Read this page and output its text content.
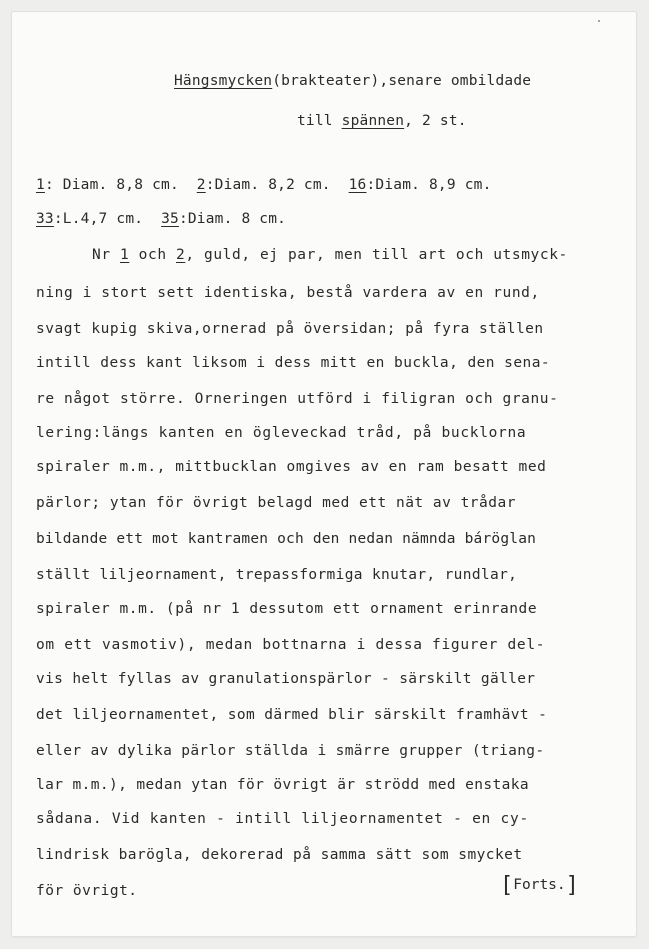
Hängsmycken(brakteater),senare ombildade
till spännen, 2 st.
1: Diam. 8,8 cm. 2:Diam. 8,2 cm. 16:Diam. 8,9 cm.
33:L.4,7 cm. 35:Diam. 8 cm.
Nr 1 och 2, guld, ej par, men till art och utsmyck-
ning i stort sett identiska, bestå vardera av en rund,
svagt kupig skiva,ornerad på översidan; på fyra ställen
intill dess kant liksom i dess mitt en buckla, den sena-
re något större. Orneringen utförd i filigran och granu-
lering:längs kanten en ögleveckad tråd, på bucklorna
spiraler m.m., mittbucklan omgives av en ram besatt med
pärlor; ytan för övrigt belagd med ett nät av trådar
bildande ett mot kantramen och den nedan nämnda báröglan
ställt liljeornament, trepassformiga knutar, rundlar,
spiraler m.m. (på nr 1 dessutom ett ornament erinrande
om ett vasmotiv), medan bottnarna i dessa figurer del-
vis helt fyllas av granulationspärlor - särskilt gäller
det liljeornamentet, som därmed blir särskilt framhävt -
eller av dylika pärlor ställda i smärre grupper (triang-
lar m.m.), medan ytan för övrigt är strödd med enstaka
sådana. Vid kanten - intill liljeornamentet - en cy-
lindrisk barögla, dekorerad på samma sätt som smycket
för övrigt.	[Forts.]
